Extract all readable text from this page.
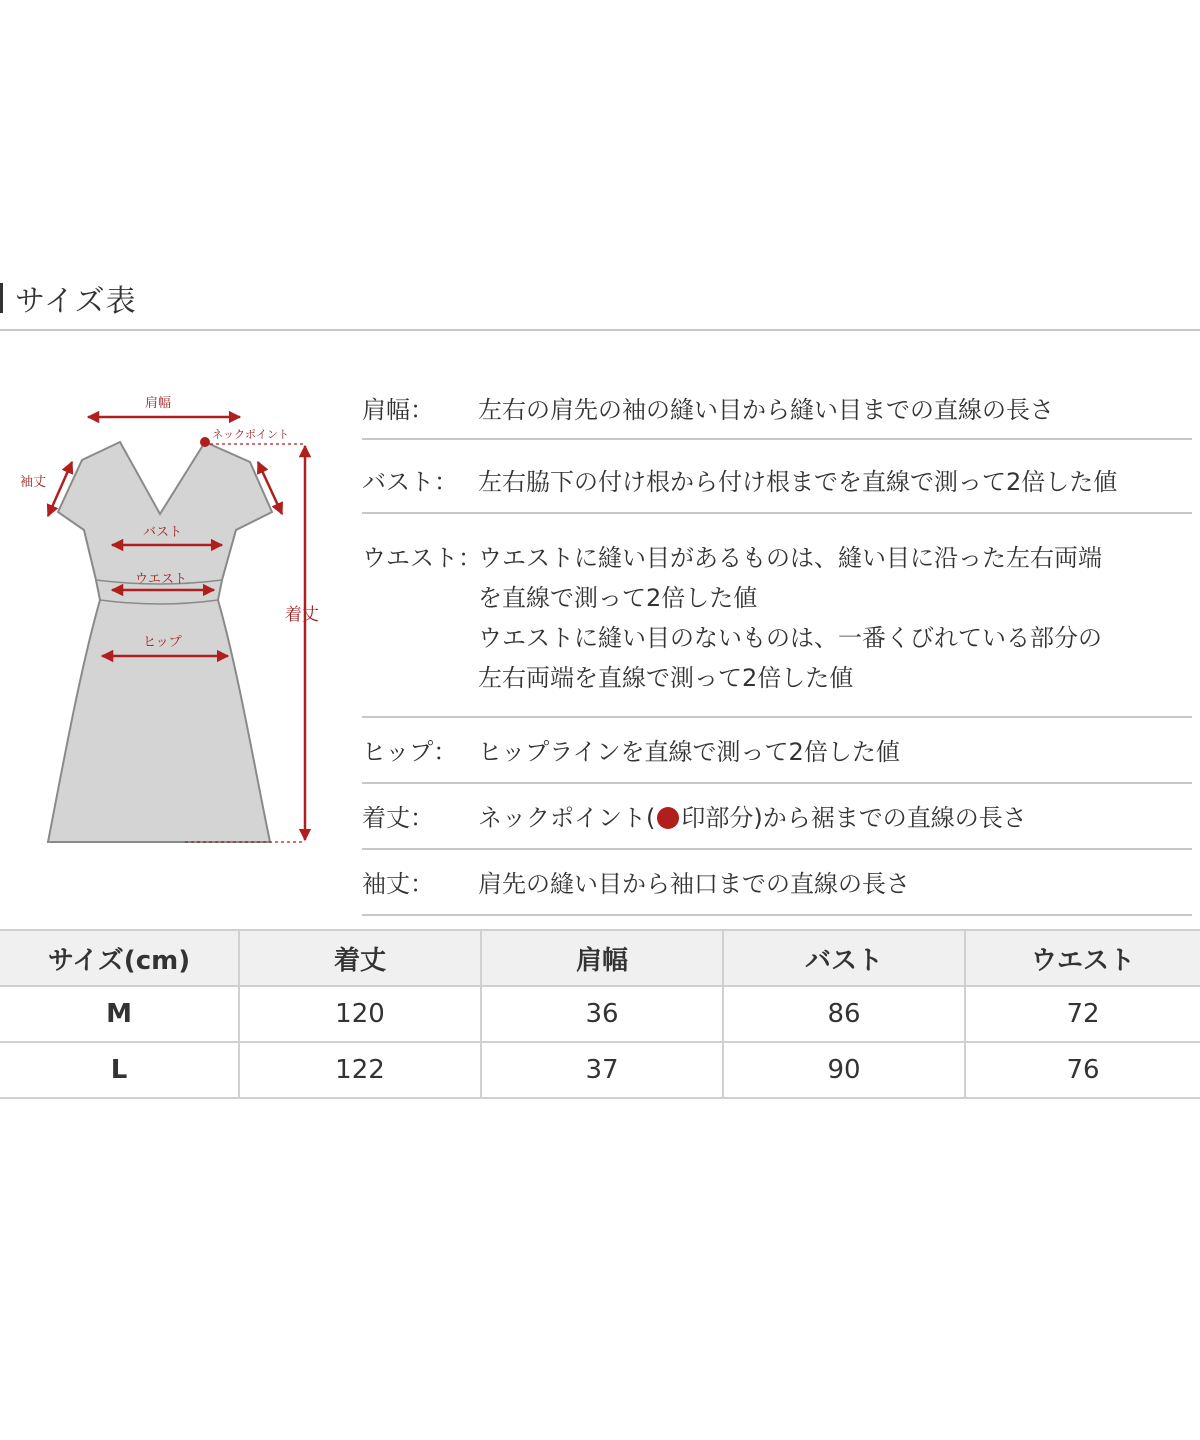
サイズ表
肩幅
ネックポイント
袖丈
バスト
ウエスト
ヒップ
着丈
肩幅：	左右の肩先の袖の縫い目から縫い目までの直線の長さ
バスト： 左右脇下の付け根から付け根までを直線で測って2倍した値
ウエスト：
ウエストに縫い目があるものは、縫い目に沿った左右両端
を直線で測って2倍した値
ウエストに縫い目のないものは、一番くびれている部分の
左右両端を直線で測って2倍した値
ヒップ： ヒップラインを直線で測って2倍した値
着丈：	ネックポイント( 印部分)から裾までの直線の長さ
袖丈：	肩先の縫い目から袖口までの直線の長さ
サイズ(cm)	着丈	肩幅	バスト	ウエスト
M	120	36	86	72
L	122	37	90	76
